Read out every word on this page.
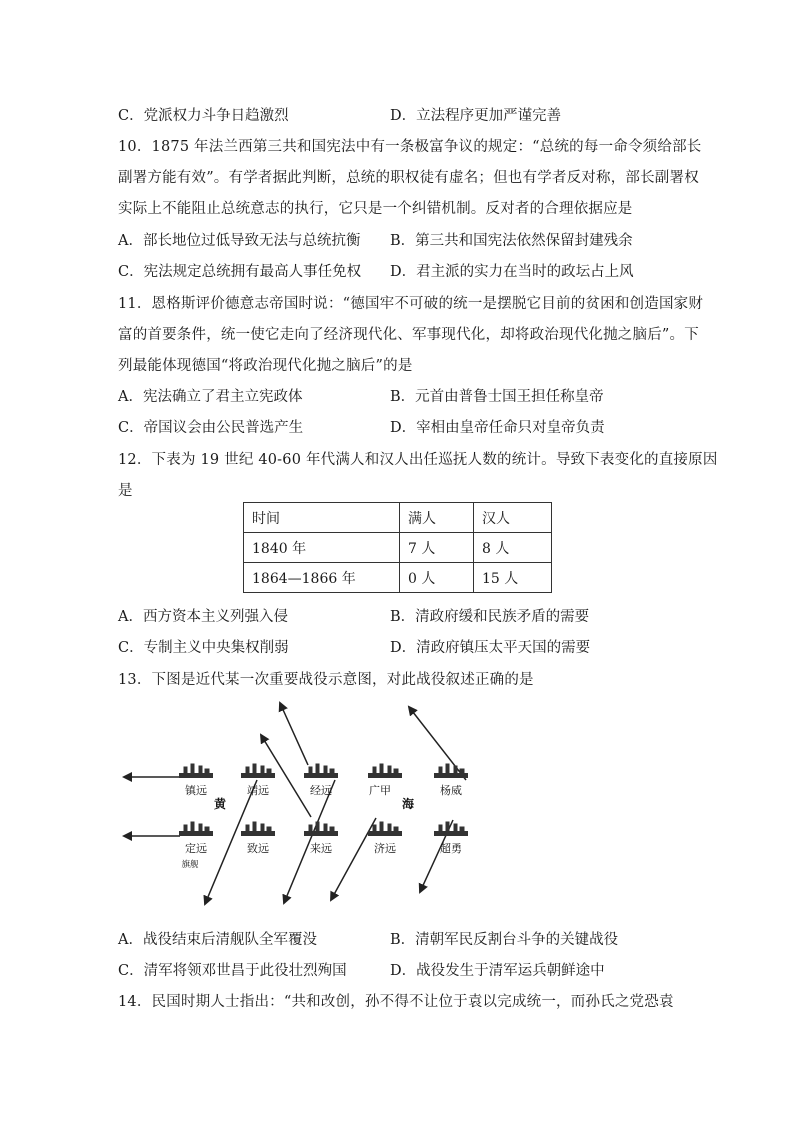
C．党派权力斗争日趋激烈	D．立法程序更加严谨完善
10．1875 年法兰西第三共和国宪法中有一条极富争议的规定：“总统的每一命令须给部长
副署方能有效”。有学者据此判断，总统的职权徒有虚名；但也有学者反对称，部长副署权
实际上不能阻止总统意志的执行，它只是一个纠错机制。反对者的合理依据应是
A．部长地位过低导致无法与总统抗衡 B．第三共和国宪法依然保留封建残余
C．宪法规定总统拥有最高人事任免权 D．君主派的实力在当时的政坛占上风
11．恩格斯评价德意志帝国时说：“德国牢不可破的统一是摆脱它目前的贫困和创造国家财
富的首要条件，统一使它走向了经济现代化、军事现代化，却将政治现代化抛之脑后”。下
列最能体现德国“将政治现代化抛之脑后”的是
A．宪法确立了君主立宪政体	B．元首由普鲁士国王担任称皇帝
C．帝国议会由公民普选产生	D．宰相由皇帝任命只对皇帝负责
12．下表为 19 世纪 40-60 年代满人和汉人出任巡抚人数的统计。导致下表变化的直接原因
是
时间	满人	汉人
1840 年	7 人	8 人
1864—1866 年	0 人	15 人
A．西方资本主义列强入侵	B．清政府缓和民族矛盾的需要
C．专制主义中央集权削弱	D．清政府镇压太平天国的需要
13．下图是近代某一次重要战役示意图，对此战役叙述正确的是
镇远	靖远	经远	广甲	杨威
定远	致远	来远	济远	超勇
旗舰
黄	海
A．战役结束后清舰队全军覆没	B．清朝军民反割台斗争的关键战役
C．清军将领邓世昌于此役壮烈殉国	D．战役发生于清军运兵朝鲜途中
14．民国时期人士指出：“共和改创，孙不得不让位于袁以完成统一，而孙氏之党恐袁
